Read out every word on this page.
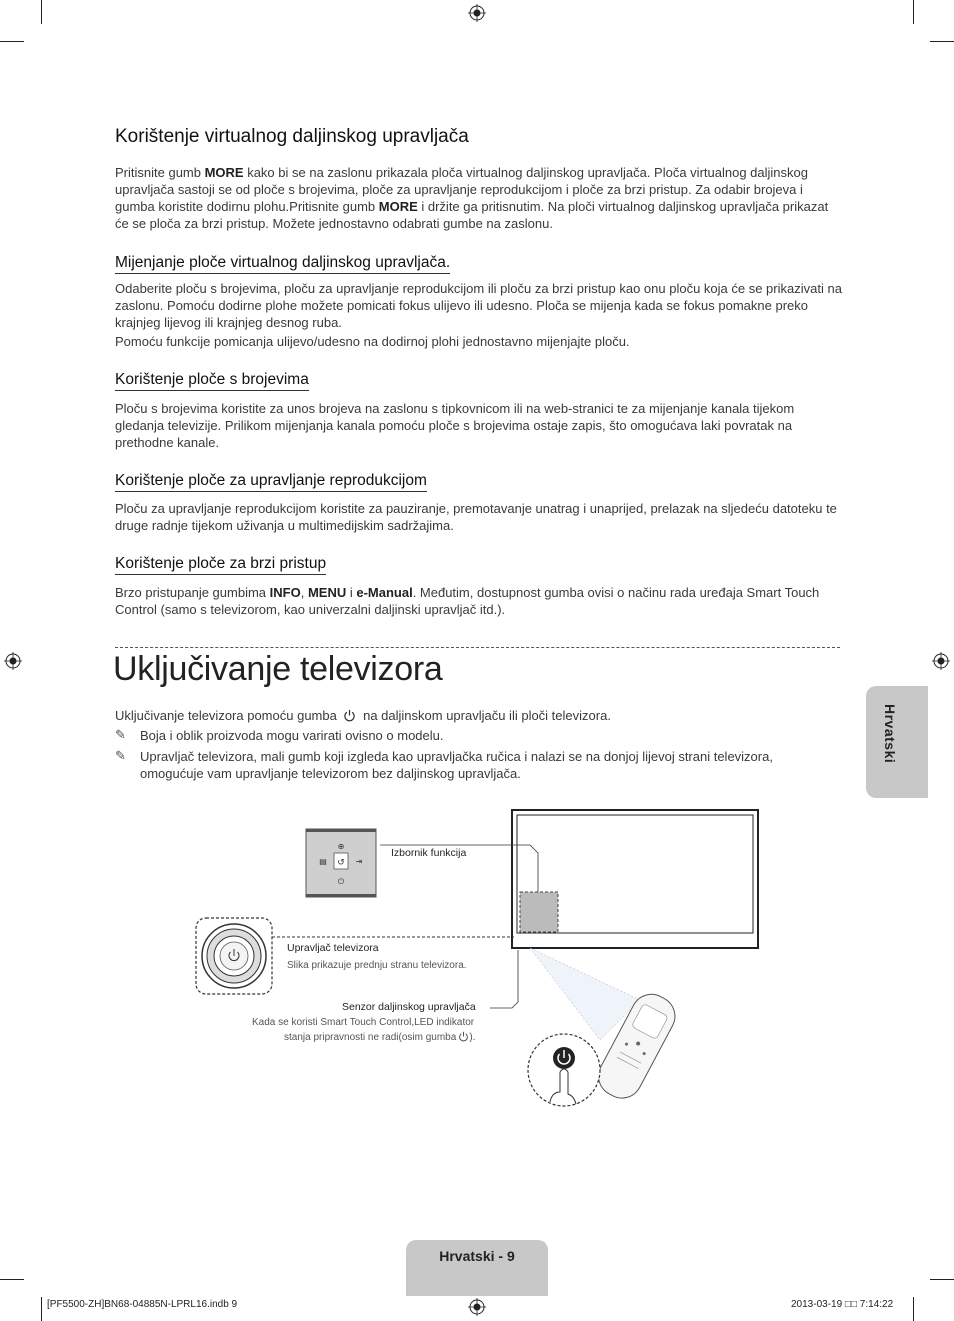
Korištenje virtualnog daljinskog upravljača

Pritisnite gumb MORE kako bi se na zaslonu prikazala ploča virtualnog daljinskog upravljača. Ploča virtualnog daljinskog upravljača sastoji se od ploče s brojevima, ploče za upravljanje reprodukcijom i ploče za brzi pristup. Za odabir brojeva i gumba koristite dodirnu plohu.Pritisnite gumb MORE i držite ga pritisnutim. Na ploči virtualnog daljinskog upravljača prikazat će se ploča za brzi pristup. Možete jednostavno odabrati gumbe na zaslonu.

Mijenjanje ploče virtualnog daljinskog upravljača.

Odaberite ploču s brojevima, ploču za upravljanje reprodukcijom ili ploču za brzi pristup kao onu ploču koja će se prikazivati na zaslonu. Pomoću dodirne plohe možete pomicati fokus ulijevo ili udesno. Ploča se mijenja kada se fokus pomakne preko krajnjeg lijevog ili krajnjeg desnog ruba.

Pomoću funkcije pomicanja ulijevo/udesno na dodirnoj plohi jednostavno mijenjajte ploču.

Korištenje ploče s brojevima

Ploču s brojevima koristite za unos brojeva na zaslonu s tipkovnicom ili na web-stranici te za mijenjanje kanala tijekom gledanja televizije. Prilikom mijenjanja kanala pomoću ploče s brojevima ostaje zapis, što omogućava laki povratak na prethodne kanale.

Korištenje ploče za upravljanje reprodukcijom

Ploču za upravljanje reprodukcijom koristite za pauziranje, premotavanje unatrag i unaprijed, prelazak na sljedeću datoteku te druge radnje tijekom uživanja u multimedijskim sadržajima.

Korištenje ploče za brzi pristup

Brzo pristupanje gumbima INFO, MENU i e-Manual. Međutim, dostupnost gumba ovisi o načinu rada uređaja Smart Touch Control (samo s televizorom, kao univerzalni daljinski upravljač itd.).

Uključivanje televizora
Uključivanje televizora pomoću gumba na daljinskom upravljaču ili ploči televizora.
✎ Boja i oblik proizvoda mogu varirati ovisno o modelu.
✎ Upravljač televizora, mali gumb koji izgleda kao upravljačka ručica i nalazi se na donjoj lijevoj strani televizora, omogućuje vam upravljanje televizorom bez daljinskog upravljača.
↺
⊕
▤	⇥
⏻
Izbornik funkcija
Upravljač televizora
Slika prikazuje prednju stranu televizora.
Senzor daljinskog upravljača
Kada se koristi Smart Touch Control,LED indikator
stanja pripravnosti ne radi(osim gumba ).
Hrvatski
Hrvatski - 9
[PF5500-ZH]BN68-04885N-LPRL16.indb 9	2013-03-19 □□ 7:14:22
